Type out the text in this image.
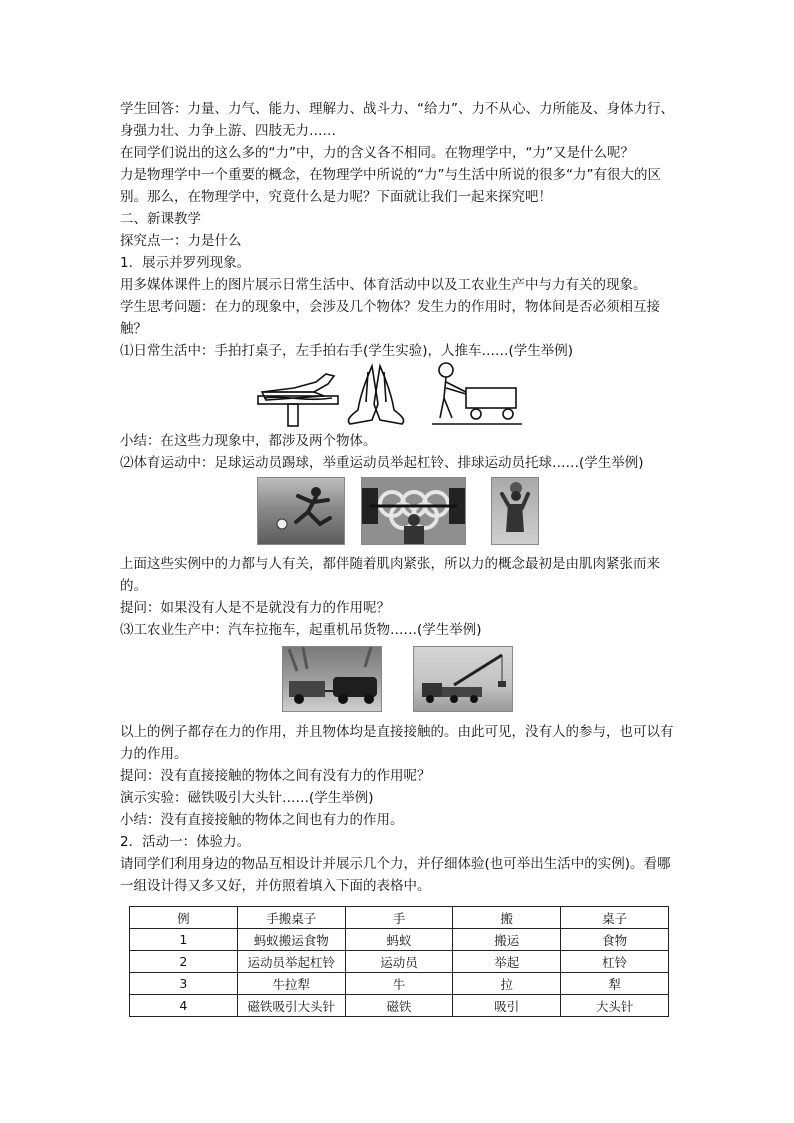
学生回答：力量、力气、能力、理解力、战斗力、“给力”、力不从心、力所能及、身体力行、身强力壮、力争上游、四肢无力……
在同学们说出的这么多的“力”中，力的含义各不相同。在物理学中，“力”又是什么呢？
力是物理学中一个重要的概念，在物理学中所说的“力”与生活中所说的很多“力”有很大的区别。那么，在物理学中，究竟什么是力呢？下面就让我们一起来探究吧！
二、新课教学
探究点一：力是什么
1．展示并罗列现象。
用多媒体课件上的图片展示日常生活中、体育活动中以及工农业生产中与力有关的现象。
学生思考问题：在力的现象中，会涉及几个物体？发生力的作用时，物体间是否必须相互接触？
⑴日常生活中：手拍打桌子，左手拍右手(学生实验)，人推车……(学生举例)
小结：在这些力现象中，都涉及两个物体。
⑵体育运动中：足球运动员踢球，举重运动员举起杠铃、排球运动员托球……(学生举例)
上面这些实例中的力都与人有关，都伴随着肌肉紧张，所以力的概念最初是由肌肉紧张而来的。
提问：如果没有人是不是就没有力的作用呢？
⑶工农业生产中：汽车拉拖车，起重机吊货物……(学生举例)
以上的例子都存在力的作用，并且物体均是直接接触的。由此可见，没有人的参与，也可以有力的作用。
提问：没有直接接触的物体之间有没有力的作用呢？
演示实验：磁铁吸引大头针……(学生举例)
小结：没有直接接触的物体之间也有力的作用。
2．活动一：体验力。
请同学们利用身边的物品互相设计并展示几个力，并仔细体验(也可举出生活中的实例)。看哪一组设计得又多又好，并仿照着填入下面的表格中。
例	手搬桌子	手	搬	桌子
1	蚂蚁搬运食物	蚂蚁	搬运	食物
2	运动员举起杠铃	运动员	举起	杠铃
3	牛拉犁	牛	拉	犁
4	磁铁吸引大头针	磁铁	吸引	大头针
